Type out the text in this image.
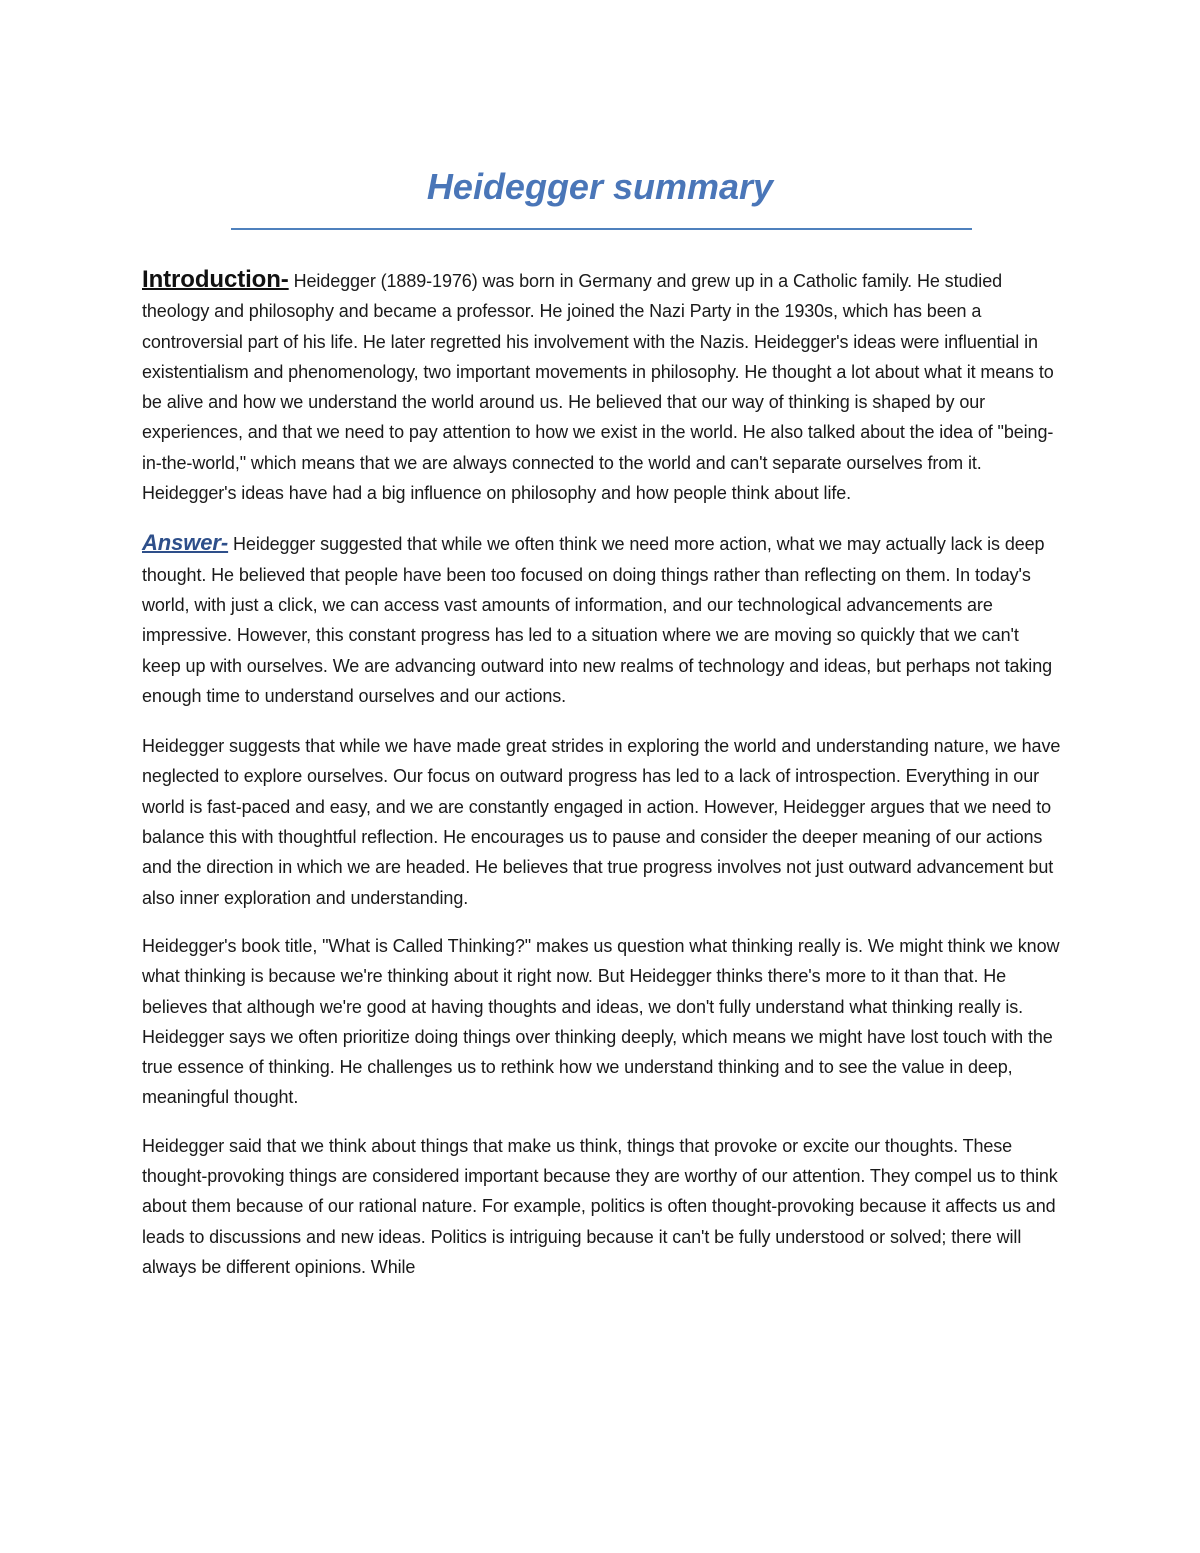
Heidegger summary

Introduction- Heidegger (1889-1976) was born in Germany and grew up in a Catholic family. He studied theology and philosophy and became a professor. He joined the Nazi Party in the 1930s, which has been a controversial part of his life. He later regretted his involvement with the Nazis. Heidegger's ideas were influential in existentialism and phenomenology, two important movements in philosophy. He thought a lot about what it means to be alive and how we understand the world around us. He believed that our way of thinking is shaped by our experiences, and that we need to pay attention to how we exist in the world. He also talked about the idea of "being-in-the-world," which means that we are always connected to the world and can't separate ourselves from it. Heidegger's ideas have had a big influence on philosophy and how people think about life.

Answer- Heidegger suggested that while we often think we need more action, what we may actually lack is deep thought. He believed that people have been too focused on doing things rather than reflecting on them. In today's world, with just a click, we can access vast amounts of information, and our technological advancements are impressive. However, this constant progress has led to a situation where we are moving so quickly that we can't keep up with ourselves. We are advancing outward into new realms of technology and ideas, but perhaps not taking enough time to understand ourselves and our actions.

Heidegger suggests that while we have made great strides in exploring the world and understanding nature, we have neglected to explore ourselves. Our focus on outward progress has led to a lack of introspection. Everything in our world is fast-paced and easy, and we are constantly engaged in action. However, Heidegger argues that we need to balance this with thoughtful reflection. He encourages us to pause and consider the deeper meaning of our actions and the direction in which we are headed. He believes that true progress involves not just outward advancement but also inner exploration and understanding.

Heidegger's book title, "What is Called Thinking?" makes us question what thinking really is. We might think we know what thinking is because we're thinking about it right now. But Heidegger thinks there's more to it than that. He believes that although we're good at having thoughts and ideas, we don't fully understand what thinking really is. Heidegger says we often prioritize doing things over thinking deeply, which means we might have lost touch with the true essence of thinking. He challenges us to rethink how we understand thinking and to see the value in deep, meaningful thought.

Heidegger said that we think about things that make us think, things that provoke or excite our thoughts. These thought-provoking things are considered important because they are worthy of our attention. They compel us to think about them because of our rational nature. For example, politics is often thought-provoking because it affects us and leads to discussions and new ideas. Politics is intriguing because it can't be fully understood or solved; there will always be different opinions. While
